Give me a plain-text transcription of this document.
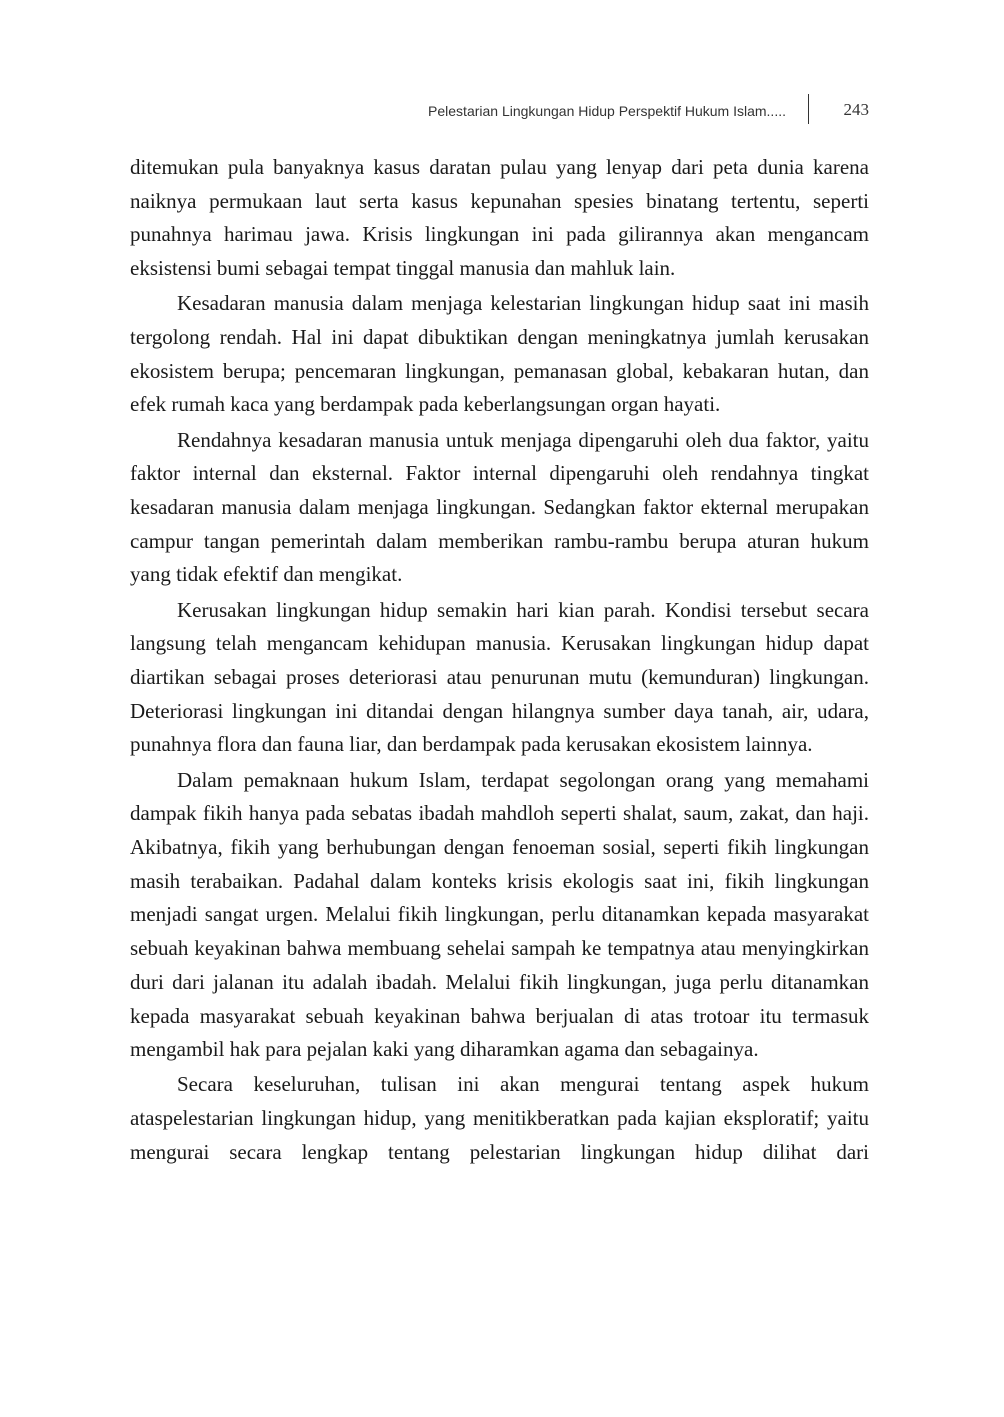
Pelestarian Lingkungan Hidup Perspektif Hukum Islam.....	243

ditemukan pula banyaknya kasus daratan pulau yang lenyap dari peta dunia karena naiknya permukaan laut serta kasus kepunahan spesies binatang tertentu, seperti punahnya harimau jawa. Krisis lingkungan ini pada gilirannya akan mengancam eksistensi bumi sebagai tempat tinggal manusia dan mahluk lain.

Kesadaran manusia dalam menjaga kelestarian lingkungan hidup saat ini masih tergolong rendah. Hal ini dapat dibuktikan dengan meningkatnya jumlah kerusakan ekosistem berupa; pencemaran lingkungan, pemanasan global, kebakaran hutan, dan efek rumah kaca yang berdampak pada keberlangsungan organ hayati.

Rendahnya kesadaran manusia untuk menjaga dipengaruhi oleh dua faktor, yaitu faktor internal dan eksternal. Faktor internal dipengaruhi oleh rendahnya tingkat kesadaran manusia dalam menjaga lingkungan. Sedangkan faktor ekternal merupakan campur tangan pemerintah dalam memberikan rambu-rambu berupa aturan hukum yang tidak efektif dan mengikat.

Kerusakan lingkungan hidup semakin hari kian parah. Kondisi tersebut secara langsung telah mengancam kehidupan manusia. Kerusakan lingkungan hidup dapat diartikan sebagai proses deteriorasi atau penurunan mutu (kemunduran) lingkungan. Deteriorasi lingkungan ini ditandai dengan hilangnya sumber daya tanah, air, udara, punahnya flora dan fauna liar, dan berdampak pada kerusakan ekosistem lainnya.

Dalam pemaknaan hukum Islam, terdapat segolongan orang yang memahami dampak fikih hanya pada sebatas ibadah mahdloh seperti shalat, saum, zakat, dan haji. Akibatnya, fikih yang berhubungan dengan fenoeman sosial, seperti fikih lingkungan masih terabaikan. Padahal dalam konteks krisis ekologis saat ini, fikih lingkungan menjadi sangat urgen. Melalui fikih lingkungan, perlu ditanamkan kepada masyarakat sebuah keyakinan bahwa membuang sehelai sampah ke tempatnya atau menyingkirkan duri dari jalanan itu adalah ibadah. Melalui fikih lingkungan, juga perlu ditanamkan kepada masyarakat sebuah keyakinan bahwa berjualan di atas trotoar itu termasuk mengambil hak para pejalan kaki yang diharamkan agama dan sebagainya.

Secara keseluruhan, tulisan ini akan mengurai tentang aspek hukum ataspelestarian lingkungan hidup, yang menitikberatkan pada kajian eksploratif; yaitu mengurai secara lengkap tentang pelestarian lingkungan hidup dilihat dari
